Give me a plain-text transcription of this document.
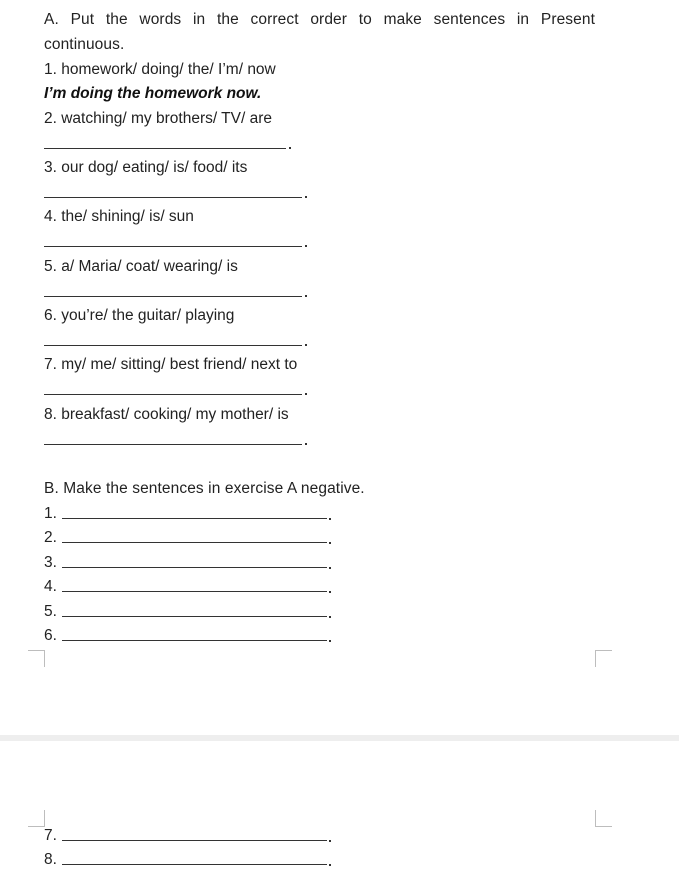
A. Put the words in the correct order to make sentences in Present
continuous.
1. homework/ doing/ the/ I’m/ now
I’m doing the homework now.
2. watching/ my brothers/ TV/ are
3. our dog/ eating/ is/ food/ its
4. the/ shining/ is/ sun
5. a/ Maria/ coat/ wearing/ is
6. you’re/ the guitar/ playing
7. my/ me/ sitting/ best friend/ next to
8. breakfast/ cooking/ my mother/ is
B. Make the sentences in exercise A negative.
1.
2.
3.
4.
5.
6.
7.
8.
